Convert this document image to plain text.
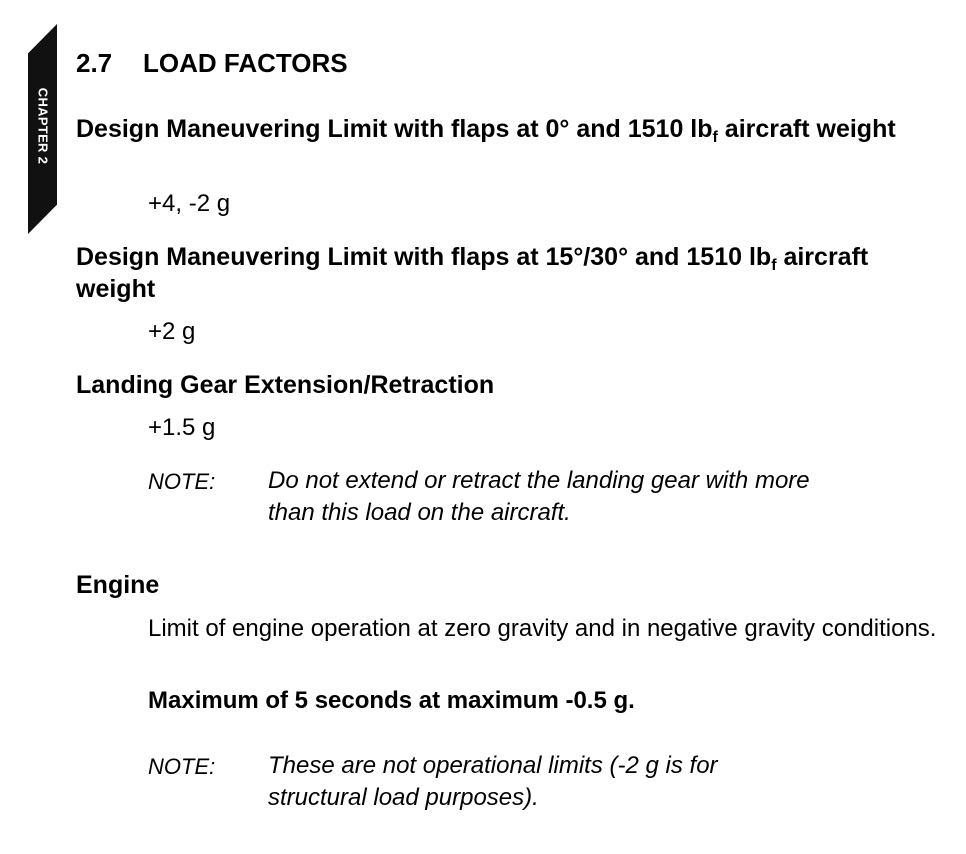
CHAPTER 2
2.7 LOAD FACTORS
Design Maneuvering Limit with flaps at 0° and 1510 $lb_f$ aircraft weight
+4, -2 g
Design Maneuvering Limit with flaps at 15°/30° and 1510 $lb_f$ aircraft weight
+2 g
Landing Gear Extension/Retraction
+1.5 g
NOTE: Do not extend or retract the landing gear with more than this load on the aircraft.
Engine
Limit of engine operation at zero gravity and in negative gravity conditions.
Maximum of 5 seconds at maximum -0.5 g.
NOTE: These are not operational limits (-2 g is for structural load purposes).
